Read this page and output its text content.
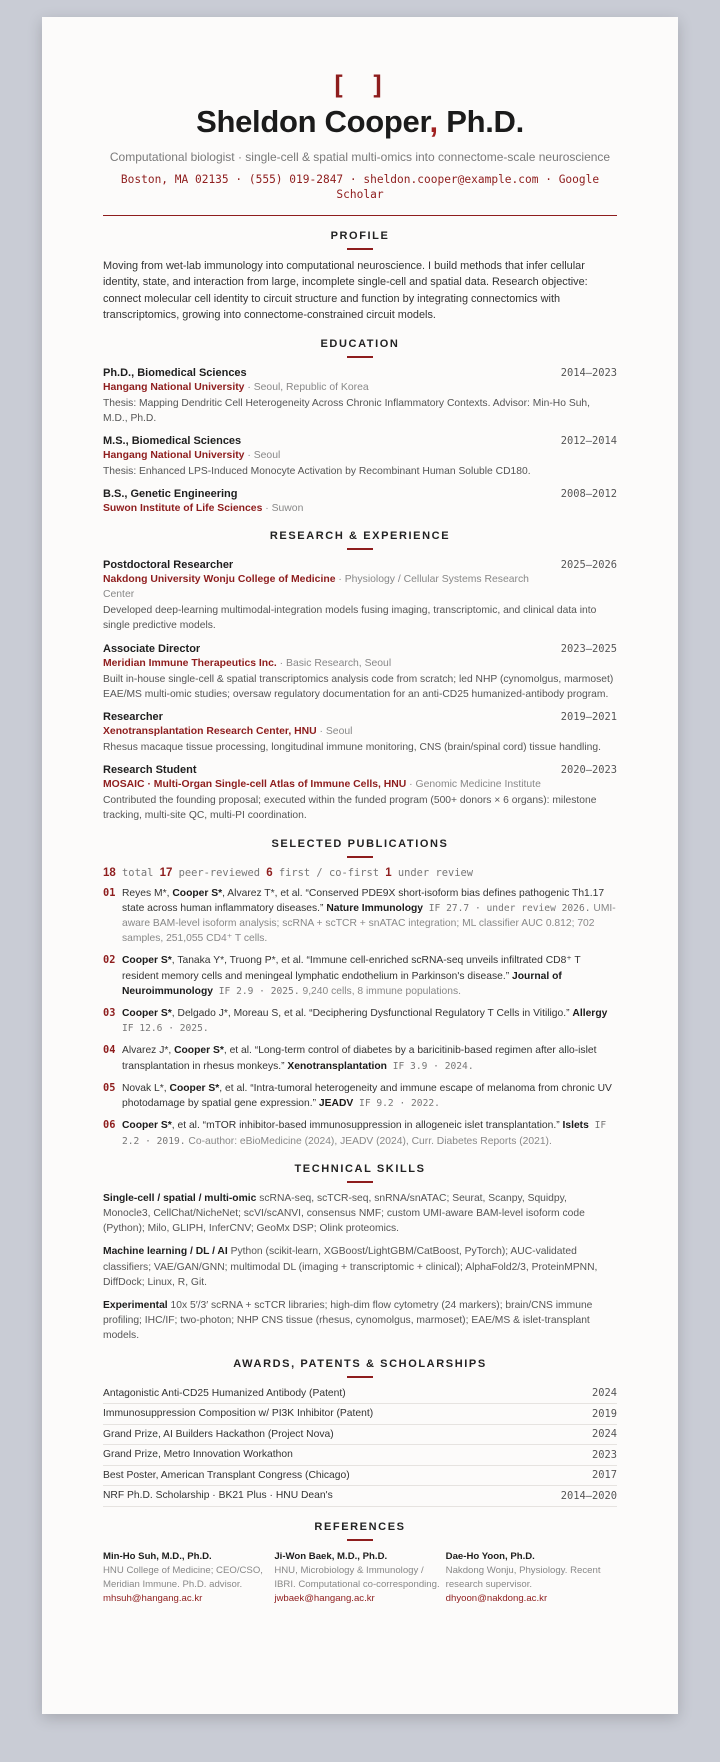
[ ]
Sheldon Cooper, Ph.D.
Computational biologist · single-cell & spatial multi-omics into connectome-scale neuroscience
Boston, MA 02135 · (555) 019-2847 · sheldon.cooper@example.com · Google
Scholar
PROFILE
Moving from wet-lab immunology into computational neuroscience. I build methods that infer cellular identity, state, and interaction from large, incomplete single-cell and spatial data. Research objective: connect molecular cell identity to circuit structure and function by integrating connectomics with transcriptomics, growing into connectome-constrained circuit models.
EDUCATION
Ph.D., Biomedical Sciences	2014–2023
Hangang National University · Seoul, Republic of Korea
Thesis: Mapping Dendritic Cell Heterogeneity Across Chronic Inflammatory Contexts. Advisor: Min-Ho Suh, M.D., Ph.D.
M.S., Biomedical Sciences	2012–2014
Hangang National University · Seoul
Thesis: Enhanced LPS-Induced Monocyte Activation by Recombinant Human Soluble CD180.
B.S., Genetic Engineering	2008–2012
Suwon Institute of Life Sciences · Suwon
RESEARCH & EXPERIENCE
Postdoctoral Researcher	2025–2026
Nakdong University Wonju College of Medicine · Physiology / Cellular Systems Research Center
Developed deep-learning multimodal-integration models fusing imaging, transcriptomic, and clinical data into single predictive models.
Associate Director	2023–2025
Meridian Immune Therapeutics Inc. · Basic Research, Seoul
Built in-house single-cell & spatial transcriptomics analysis code from scratch; led NHP (cynomolgus, marmoset) EAE/MS multi-omic studies; oversaw regulatory documentation for an anti-CD25 humanized-antibody program.
Researcher	2019–2021
Xenotransplantation Research Center, HNU · Seoul
Rhesus macaque tissue processing, longitudinal immune monitoring, CNS (brain/spinal cord) tissue handling.
Research Student	2020–2023
MOSAIC · Multi-Organ Single-cell Atlas of Immune Cells, HNU · Genomic Medicine Institute
Contributed the founding proposal; executed within the funded program (500+ donors × 6 organs): milestone tracking, multi-site QC, multi-PI coordination.
SELECTED PUBLICATIONS
18 total 17 peer-reviewed 6 first / co-first 1 under review
01 Reyes M*, Cooper S*, Alvarez T*, et al. “Conserved PDE9X short-isoform bias defines pathogenic Th1.17 state across human inflammatory diseases.” Nature Immunology IF 27.7 · under review 2026. UMI-aware BAM-level isoform analysis; scRNA + scTCR + snATAC integration; ML classifier AUC 0.812; 702 samples, 251,055 CD4⁺ T cells.
02 Cooper S*, Tanaka Y*, Truong P*, et al. “Immune cell-enriched scRNA-seq unveils infiltrated CD8⁺ T resident memory cells and meningeal lymphatic endothelium in Parkinson's disease.” Journal of Neuroimmunology IF 2.9 · 2025. 9,240 cells, 8 immune populations.
03 Cooper S*, Delgado J*, Moreau S, et al. “Deciphering Dysfunctional Regulatory T Cells in Vitiligo.” Allergy IF 12.6 · 2025.
04 Alvarez J*, Cooper S*, et al. “Long-term control of diabetes by a baricitinib-based regimen after allo-islet transplantation in rhesus monkeys.” Xenotransplantation IF 3.9 · 2024.
05 Novak L*, Cooper S*, et al. “Intra-tumoral heterogeneity and immune escape of melanoma from chronic UV photodamage by spatial gene expression.” JEADV IF 9.2 · 2022.
06 Cooper S*, et al. “mTOR inhibitor-based immunosuppression in allogeneic islet transplantation.” Islets IF 2.2 · 2019. Co-author: eBioMedicine (2024), JEADV (2024), Curr. Diabetes Reports (2021).
TECHNICAL SKILLS
Single-cell / spatial / multi-omic scRNA-seq, scTCR-seq, snRNA/snATAC; Seurat, Scanpy, Squidpy, Monocle3, CellChat/NicheNet; scVI/scANVI, consensus NMF; custom UMI-aware BAM-level isoform code (Python); Milo, GLIPH, InferCNV; GeoMx DSP; Olink proteomics.
Machine learning / DL / AI Python (scikit-learn, XGBoost/LightGBM/CatBoost, PyTorch); AUC-validated classifiers; VAE/GAN/GNN; multimodal DL (imaging + transcriptomic + clinical); AlphaFold2/3, ProteinMPNN, DiffDock; Linux, R, Git.
Experimental 10x 5′/3′ scRNA + scTCR libraries; high-dim flow cytometry (24 markers); brain/CNS immune profiling; IHC/IF; two-photon; NHP CNS tissue (rhesus, cynomolgus, marmoset); EAE/MS & islet-transplant models.
AWARDS, PATENTS & SCHOLARSHIPS
Antagonistic Anti-CD25 Humanized Antibody (Patent)	2024
Immunosuppression Composition w/ PI3K Inhibitor (Patent)	2019
Grand Prize, AI Builders Hackathon (Project Nova)	2024
Grand Prize, Metro Innovation Workathon	2023
Best Poster, American Transplant Congress (Chicago)	2017
NRF Ph.D. Scholarship · BK21 Plus · HNU Dean's	2014–2020
REFERENCES
Min-Ho Suh, M.D., Ph.D.
HNU College of Medicine; CEO/CSO, Meridian Immune. Ph.D. advisor.
mhsuh@hangang.ac.kr
Ji-Won Baek, M.D., Ph.D.
HNU, Microbiology & Immunology / IBRI. Computational co-corresponding.
jwbaek@hangang.ac.kr
Dae-Ho Yoon, Ph.D.
Nakdong Wonju, Physiology. Recent research supervisor.
dhyoon@nakdong.ac.kr
